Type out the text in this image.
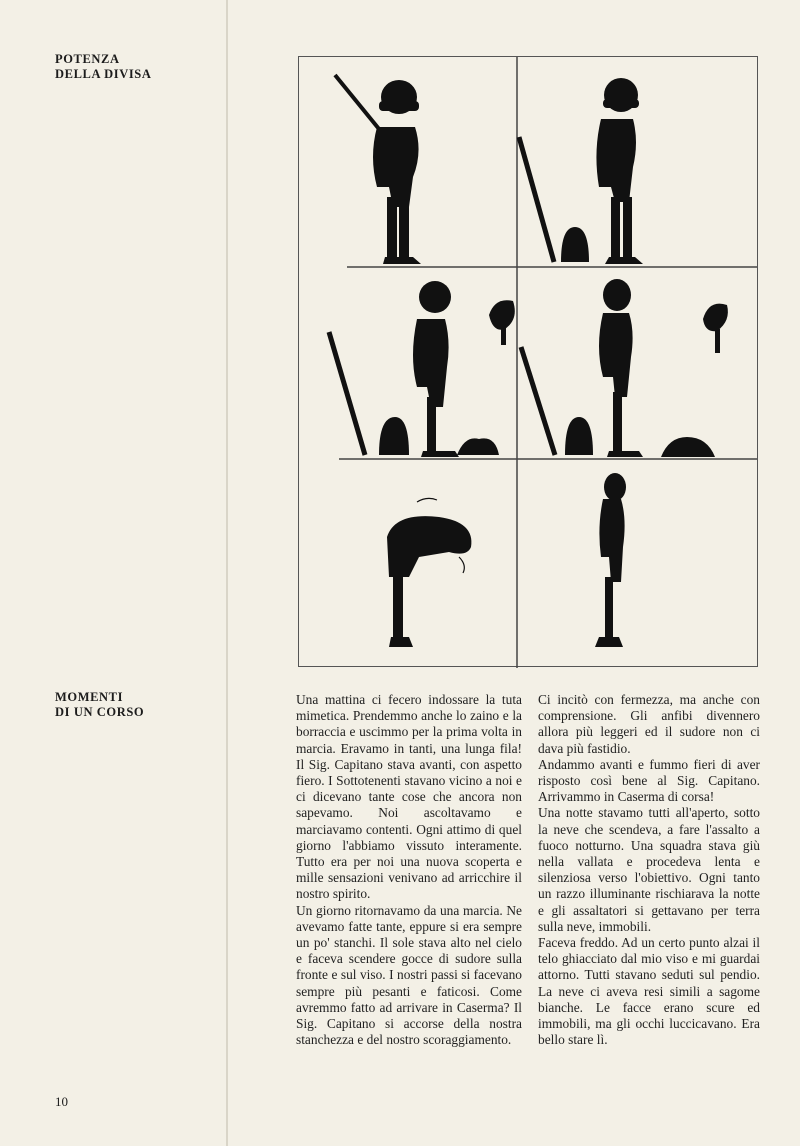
POTENZA
DELLA DIVISA
MOMENTI
DI UN CORSO

Una mattina ci fecero indossare la tuta mimetica. Prendemmo anche lo zaino e la borraccia e uscimmo per la prima volta in marcia. Eravamo in tanti, una lunga fila! Il Sig. Capitano stava avanti, con aspetto fiero. I Sottotenenti stavano vicino a noi e ci dicevano tante cose che ancora non sapevamo. Noi ascoltavamo e marciavamo contenti. Ogni attimo di quel giorno l'abbiamo vissuto interamente. Tutto era per noi una nuova scoperta e mille sensazioni venivano ad arricchire il nostro spirito.

Un giorno ritornavamo da una marcia. Ne avevamo fatte tante, eppure si era sempre un po' stanchi. Il sole stava alto nel cielo e faceva scendere gocce di sudore sulla fronte e sul viso. I nostri passi si facevano sempre più pesanti e faticosi. Come avremmo fatto ad arrivare in Caserma? Il Sig. Capitano si accorse della nostra stanchezza e del nostro scoraggiamento.

Ci incitò con fermezza, ma anche con comprensione. Gli anfibi divennero allora più leggeri ed il sudore non ci dava più fastidio.

Andammo avanti e fummo fieri di aver risposto così bene al Sig. Capitano. Arrivammo in Caserma di corsa!

Una notte stavamo tutti all'aperto, sotto la neve che scendeva, a fare l'assalto a fuoco notturno. Una squadra stava giù nella vallata e procedeva lenta e silenziosa verso l'obiettivo. Ogni tanto un razzo illuminante rischiarava la notte e gli assaltatori si gettavano per terra sulla neve, immobili.

Faceva freddo. Ad un certo punto alzai il telo ghiacciato dal mio viso e mi guardai attorno. Tutti stavano seduti sul pendio. La neve ci aveva resi simili a sagome bianche. Le facce erano scure ed immobili, ma gli occhi luccicavano. Era bello stare lì.

10
